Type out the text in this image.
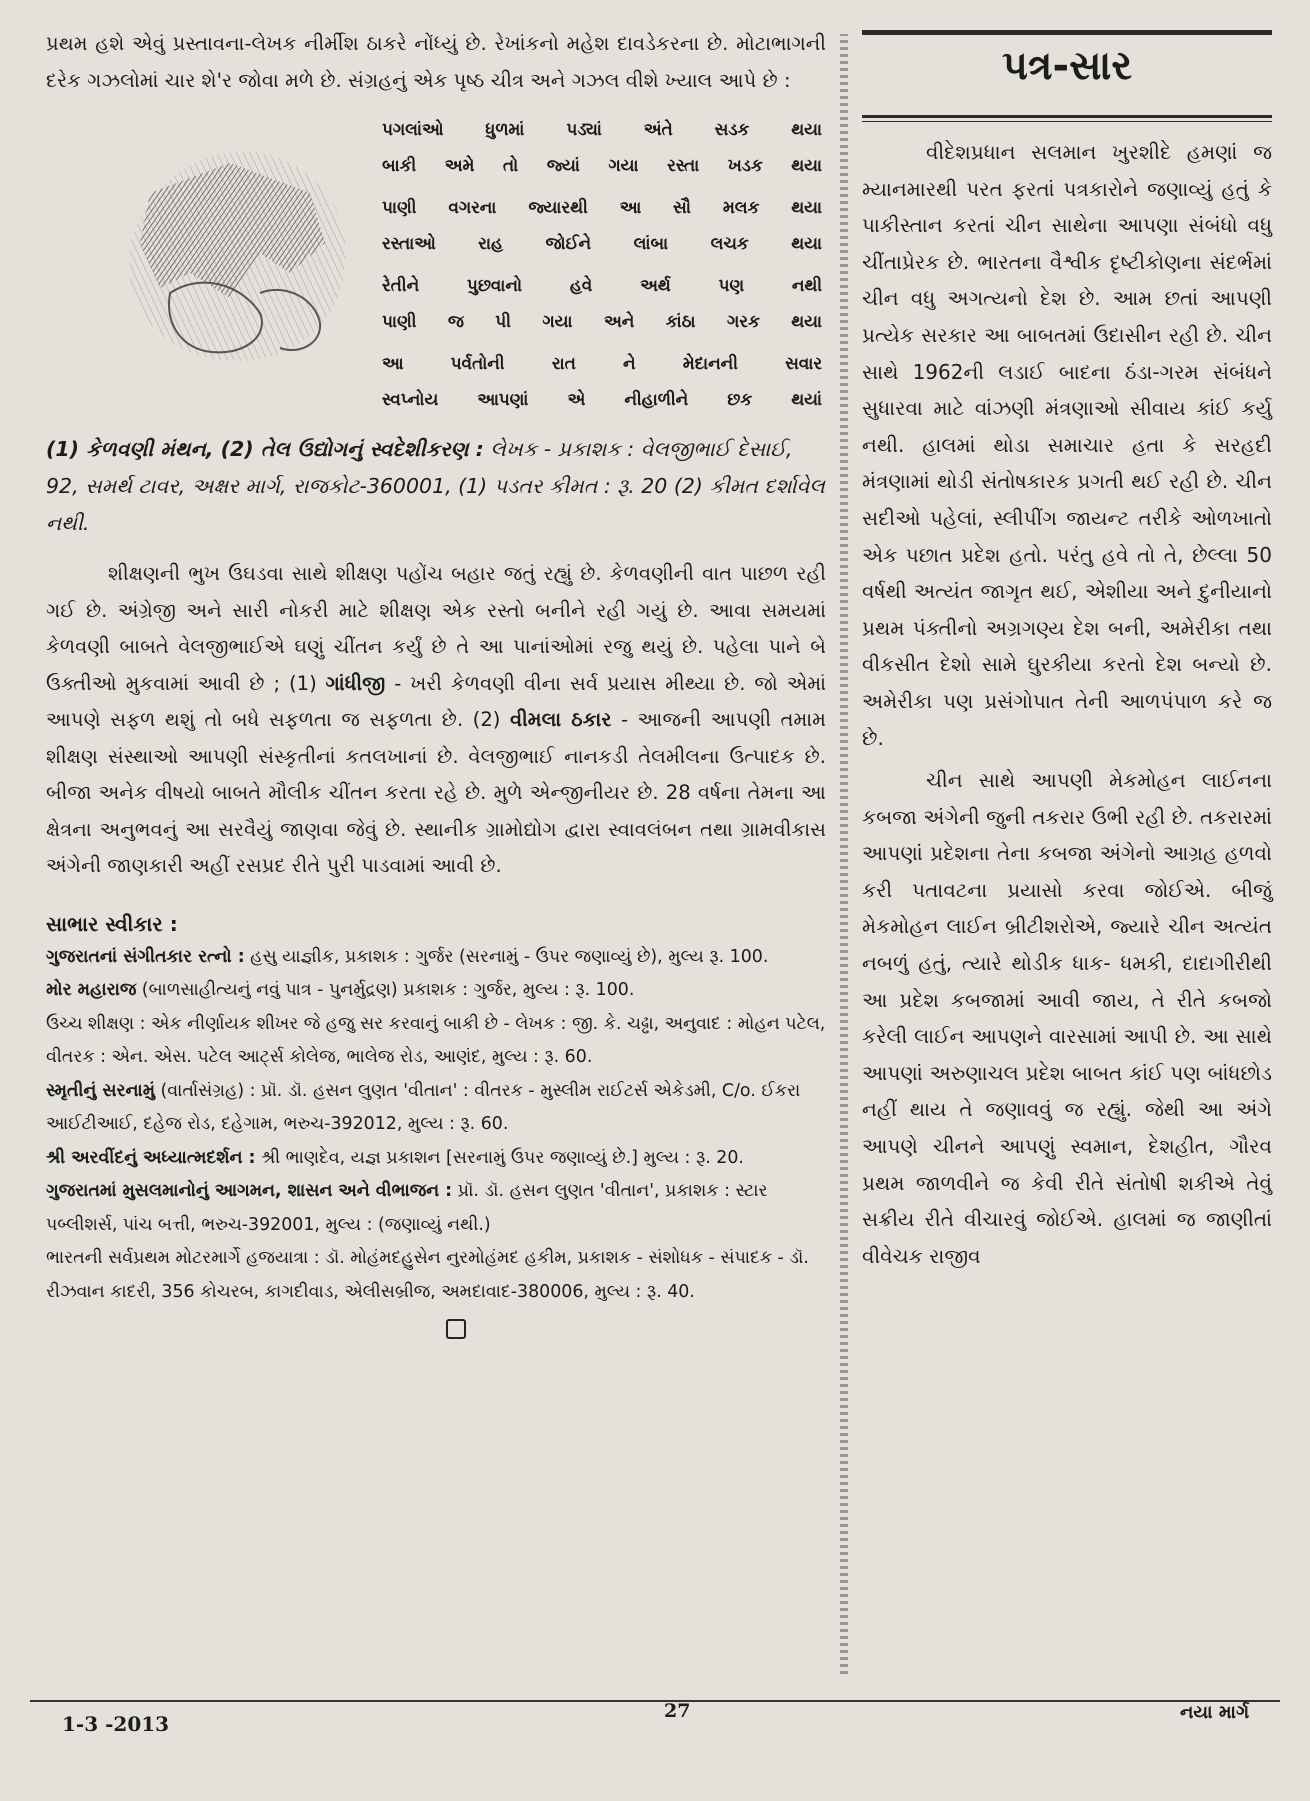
પ્રથમ હશે એવું પ્રસ્તાવના-લેખક નીર્મીશ ઠાકરે નોંધ્યું છે. રેખાંકનો મહેશ દાવડેકરના છે. મોટાભાગની દરેક ગઝલોમાં ચાર શે'ર જોવા મળે છે. સંગ્રહનું એક પૃષ્ઠ ચીત્ર અને ગઝલ વીશે ખ્યાલ આપે છે :

પગલાંઓ ધુળમાં પડ્યાં અંતે સડક થયા
બાકી અમે તો જ્યાં ગયા રસ્તા ખડક થયા
પાણી વગરના જ્યારથી આ સૌ મલક થયા
રસ્તાઓ રાહ જોઈને લાંબા લચક થયા
રેતીને પુછવાનો હવે અર્થ પણ નથી
પાણી જ પી ગયા અને કાંઠા ગરક થયા
આ પર્વતોની રાત ને મેદાનની સવાર
સ્વપ્નોય આપણાં એ નીહાળીને છક થયાં
(1) કેળવણી મંથન, (2) તેલ ઉદ્યોગનું સ્વદેશીકરણ : લેખક - પ્રકાશક : વેલજીભાઈ દેસાઈ, 92, સમર્થ ટાવર, અક્ષર માર્ગ, રાજકોટ-360001, (1) પડતર કીમત : રૂ. 20 (2) કીમત દર્શાવેલ નથી.

શીક્ષણની ભુખ ઉઘડવા સાથે શીક્ષણ પહોંચ બહાર જતું રહ્યું છે. કેળવણીની વાત પાછળ રહી ગઈ છે. અંગ્રેજી અને સારી નોકરી માટે શીક્ષણ એક રસ્તો બનીને રહી ગયું છે. આવા સમયમાં કેળવણી બાબતે વેલજીભાઈએ ઘણું ચીંતન કર્યું છે તે આ પાનાંઓમાં રજુ થયું છે. પહેલા પાને બે ઉક્તીઓ મુકવામાં આવી છે ; (1) ગાંધીજી - ખરી કેળવણી વીના સર્વ પ્રયાસ મીથ્યા છે. જો એમાં આપણે સફળ થશું તો બધે સફળતા જ સફળતા છે. (2) વીમલા ઠકાર - આજની આપણી તમામ શીક્ષણ સંસ્થાઓ આપણી સંસ્કૃતીનાં કતલખાનાં છે. વેલજીભાઈ નાનકડી તેલમીલના ઉત્પાદક છે. બીજા અનેક વીષયો બાબતે મૌલીક ચીંતન કરતા રહે છે. મુળે એન્જીનીયર છે. 28 વર્ષના તેમના આ ક્ષેત્રના અનુભવનું આ સરવૈયું જાણવા જેવું છે. સ્થાનીક ગ્રામોદ્યોગ દ્વારા સ્વાવલંબન તથા ગ્રામવીકાસ અંગેની જાણકારી અહીં રસપ્રદ રીતે પુરી પાડવામાં આવી છે.

સાભાર સ્વીકાર :

ગુજરાતનાં સંગીતકાર રત્નો : હસુ યાજ્ઞીક, પ્રકાશક : ગુર્જર (સરનામું - ઉપર જણાવ્યું છે), મુલ્ય રૂ. 100.

મોર મહારાજ (બાળસાહીત્યનું નવું પાત્ર - પુનર્મુદ્રણ) પ્રકાશક : ગુર્જર, મુલ્ય : રૂ. 100.

ઉચ્ચ શીક્ષણ : એક નીર્ણાયક શીખર જે હજુ સર કરવાનું બાકી છે - લેખક : જી. કે. ચઢ્ઢા, અનુવાદ : મોહન પટેલ, વીતરક : એન. એસ. પટેલ આર્ટ્સ કોલેજ, ભાલેજ રોડ, આણંદ, મુલ્ય : રૂ. 60.

સ્મૃતીનું સરનામું (વાર્તાસંગ્રહ) : પ્રૉ. ડૉ. હસન લુણત 'વીતાન' : વીતરક - મુસ્લીમ રાઈટર્સ એકેડમી, C/o. ઈકરા આઈટીઆઈ, દહેજ રોડ, દહેગામ, ભરુચ-392012, મુલ્ય : રૂ. 60.

શ્રી અરવીંદનું અધ્યાત્મદર્શન : શ્રી ભાણદેવ, યજ્ઞ પ્રકાશન [સરનામું ઉપર જણાવ્યું છે.] મુલ્ય : રૂ. 20.

ગુજરાતમાં મુસલમાનોનું આગમન, શાસન અને વીભાજન : પ્રૉ. ડૉ. હસન લુણત 'વીતાન', પ્રકાશક : સ્ટાર પબ્લીશર્સ, પાંચ બત્તી, ભરુચ-392001, મુલ્ય : (જણાવ્યું નથી.)

ભારતની સર્વપ્રથમ મોટરમાર્ગે હજયાત્રા : ડૉ. મોહંમદહુસેન નુરમોહંમદ હકીમ, પ્રકાશક - સંશોધક - સંપાદક - ડૉ. રીઝવાન કાદરી, 356 કોચરબ, કાગદીવાડ, એલીસબ્રીજ, અમદાવાદ-380006, મુલ્ય : રૂ. 40.

પત્ર-સાર

વીદેશપ્રધાન સલમાન ખુરશીદે હમણાં જ મ્યાનમારથી પરત ફરતાં પત્રકારોને જણાવ્યું હતું કે પાકીસ્તાન કરતાં ચીન સાથેના આપણા સંબંધો વધુ ચીંતાપ્રેરક છે. ભારતના વૈશ્વીક દૃષ્ટીકોણના સંદર્ભમાં ચીન વધુ અગત્યનો દેશ છે. આમ છતાં આપણી પ્રત્યેક સરકાર આ બાબતમાં ઉદાસીન રહી છે. ચીન સાથે 1962ની લડાઈ બાદના ઠંડા-ગરમ સંબંધને સુધારવા માટે વાંઝણી મંત્રણાઓ સીવાય કાંઈ કર્યુ નથી. હાલમાં થોડા સમાચાર હતા કે સરહદી મંત્રણામાં થોડી સંતોષકારક પ્રગતી થઈ રહી છે. ચીન સદીઓ પહેલાં, સ્લીપીંગ જાયન્ટ તરીકે ઓળખાતો એક પછાત પ્રદેશ હતો. પરંતુ હવે તો તે, છેલ્લા 50 વર્ષથી અત્યંત જાગૃત થઈ, એશીયા અને દુનીયાનો પ્રથમ પંક્તીનો અગ્રગણ્ય દેશ બની, અમેરીકા તથા વીકસીત દેશો સામે ઘુરકીયા કરતો દેશ બન્યો છે. અમેરીકા પણ પ્રસંગોપાત તેની આળપંપાળ કરે જ છે.

ચીન સાથે આપણી મેકમોહન લાઈનના કબજા અંગેની જુની તકરાર ઉભી રહી છે. તકરારમાં આપણાં પ્રદેશના તેના કબજા અંગેનો આગ્રહ હળવો કરી પતાવટના પ્રયાસો કરવા જોઈએ. બીજું મેકમોહન લાઈન બ્રીટીશરોએ, જ્યારે ચીન અત્યંત નબળું હતું, ત્યારે થોડીક ધાક- ધમકી, દાદાગીરીથી આ પ્રદેશ કબજામાં આવી જાય, તે રીતે કબજો કરેલી લાઈન આપણને વારસામાં આપી છે. આ સાથે આપણાં અરુણાચલ પ્રદેશ બાબત કાંઈ પણ બાંધછોડ નહીં થાય તે જણાવવું જ રહ્યું. જેથી આ અંગે આપણે ચીનને આપણું સ્વમાન, દેશહીત, ગૌરવ પ્રથમ જાળવીને જ કેવી રીતે સંતોષી શકીએ તેવું સક્રીય રીતે વીચારવું જોઈએ. હાલમાં જ જાણીતાં વીવેચક રાજીવ

1-3 -2013
27	નયા માર્ગ
